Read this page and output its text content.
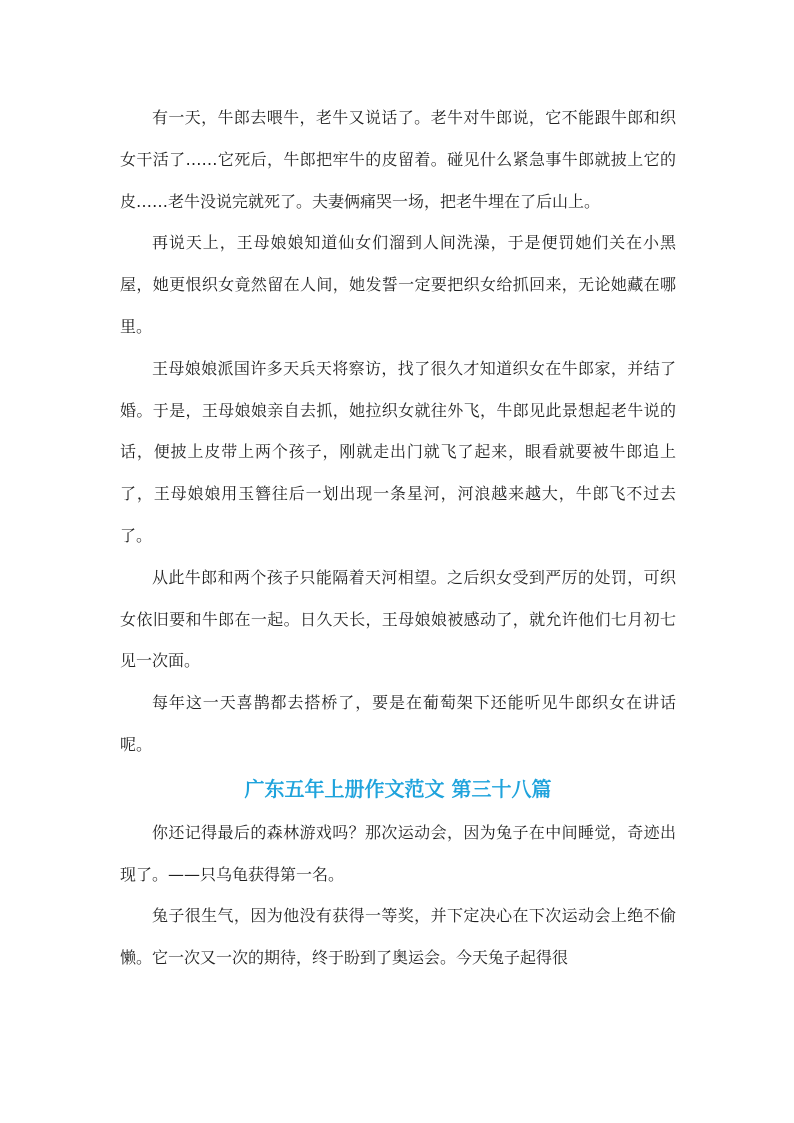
有一天，牛郎去喂牛，老牛又说话了。老牛对牛郎说，它不能跟牛郎和织女干活了……它死后，牛郎把牢牛的皮留着。碰见什么紧急事牛郎就披上它的皮……老牛没说完就死了。夫妻俩痛哭一场，把老牛埋在了后山上。

再说天上，王母娘娘知道仙女们溜到人间洗澡，于是便罚她们关在小黑屋，她更恨织女竟然留在人间，她发誓一定要把织女给抓回来，无论她藏在哪里。

王母娘娘派国许多天兵天将察访，找了很久才知道织女在牛郎家，并结了婚。于是，王母娘娘亲自去抓，她拉织女就往外飞，牛郎见此景想起老牛说的话，便披上皮带上两个孩子，刚就走出门就飞了起来，眼看就要被牛郎追上了，王母娘娘用玉簪往后一划出现一条星河，河浪越来越大，牛郎飞不过去了。

从此牛郎和两个孩子只能隔着天河相望。之后织女受到严厉的处罚，可织女依旧要和牛郎在一起。日久天长，王母娘娘被感动了，就允许他们七月初七见一次面。

每年这一天喜鹊都去搭桥了，要是在葡萄架下还能听见牛郎织女在讲话呢。

广东五年上册作文范文 第三十八篇

你还记得最后的森林游戏吗？那次运动会，因为兔子在中间睡觉，奇迹出现了。——只乌龟获得第一名。

兔子很生气，因为他没有获得一等奖，并下定决心在下次运动会上绝不偷懒。它一次又一次的期待，终于盼到了奥运会。今天兔子起得很
